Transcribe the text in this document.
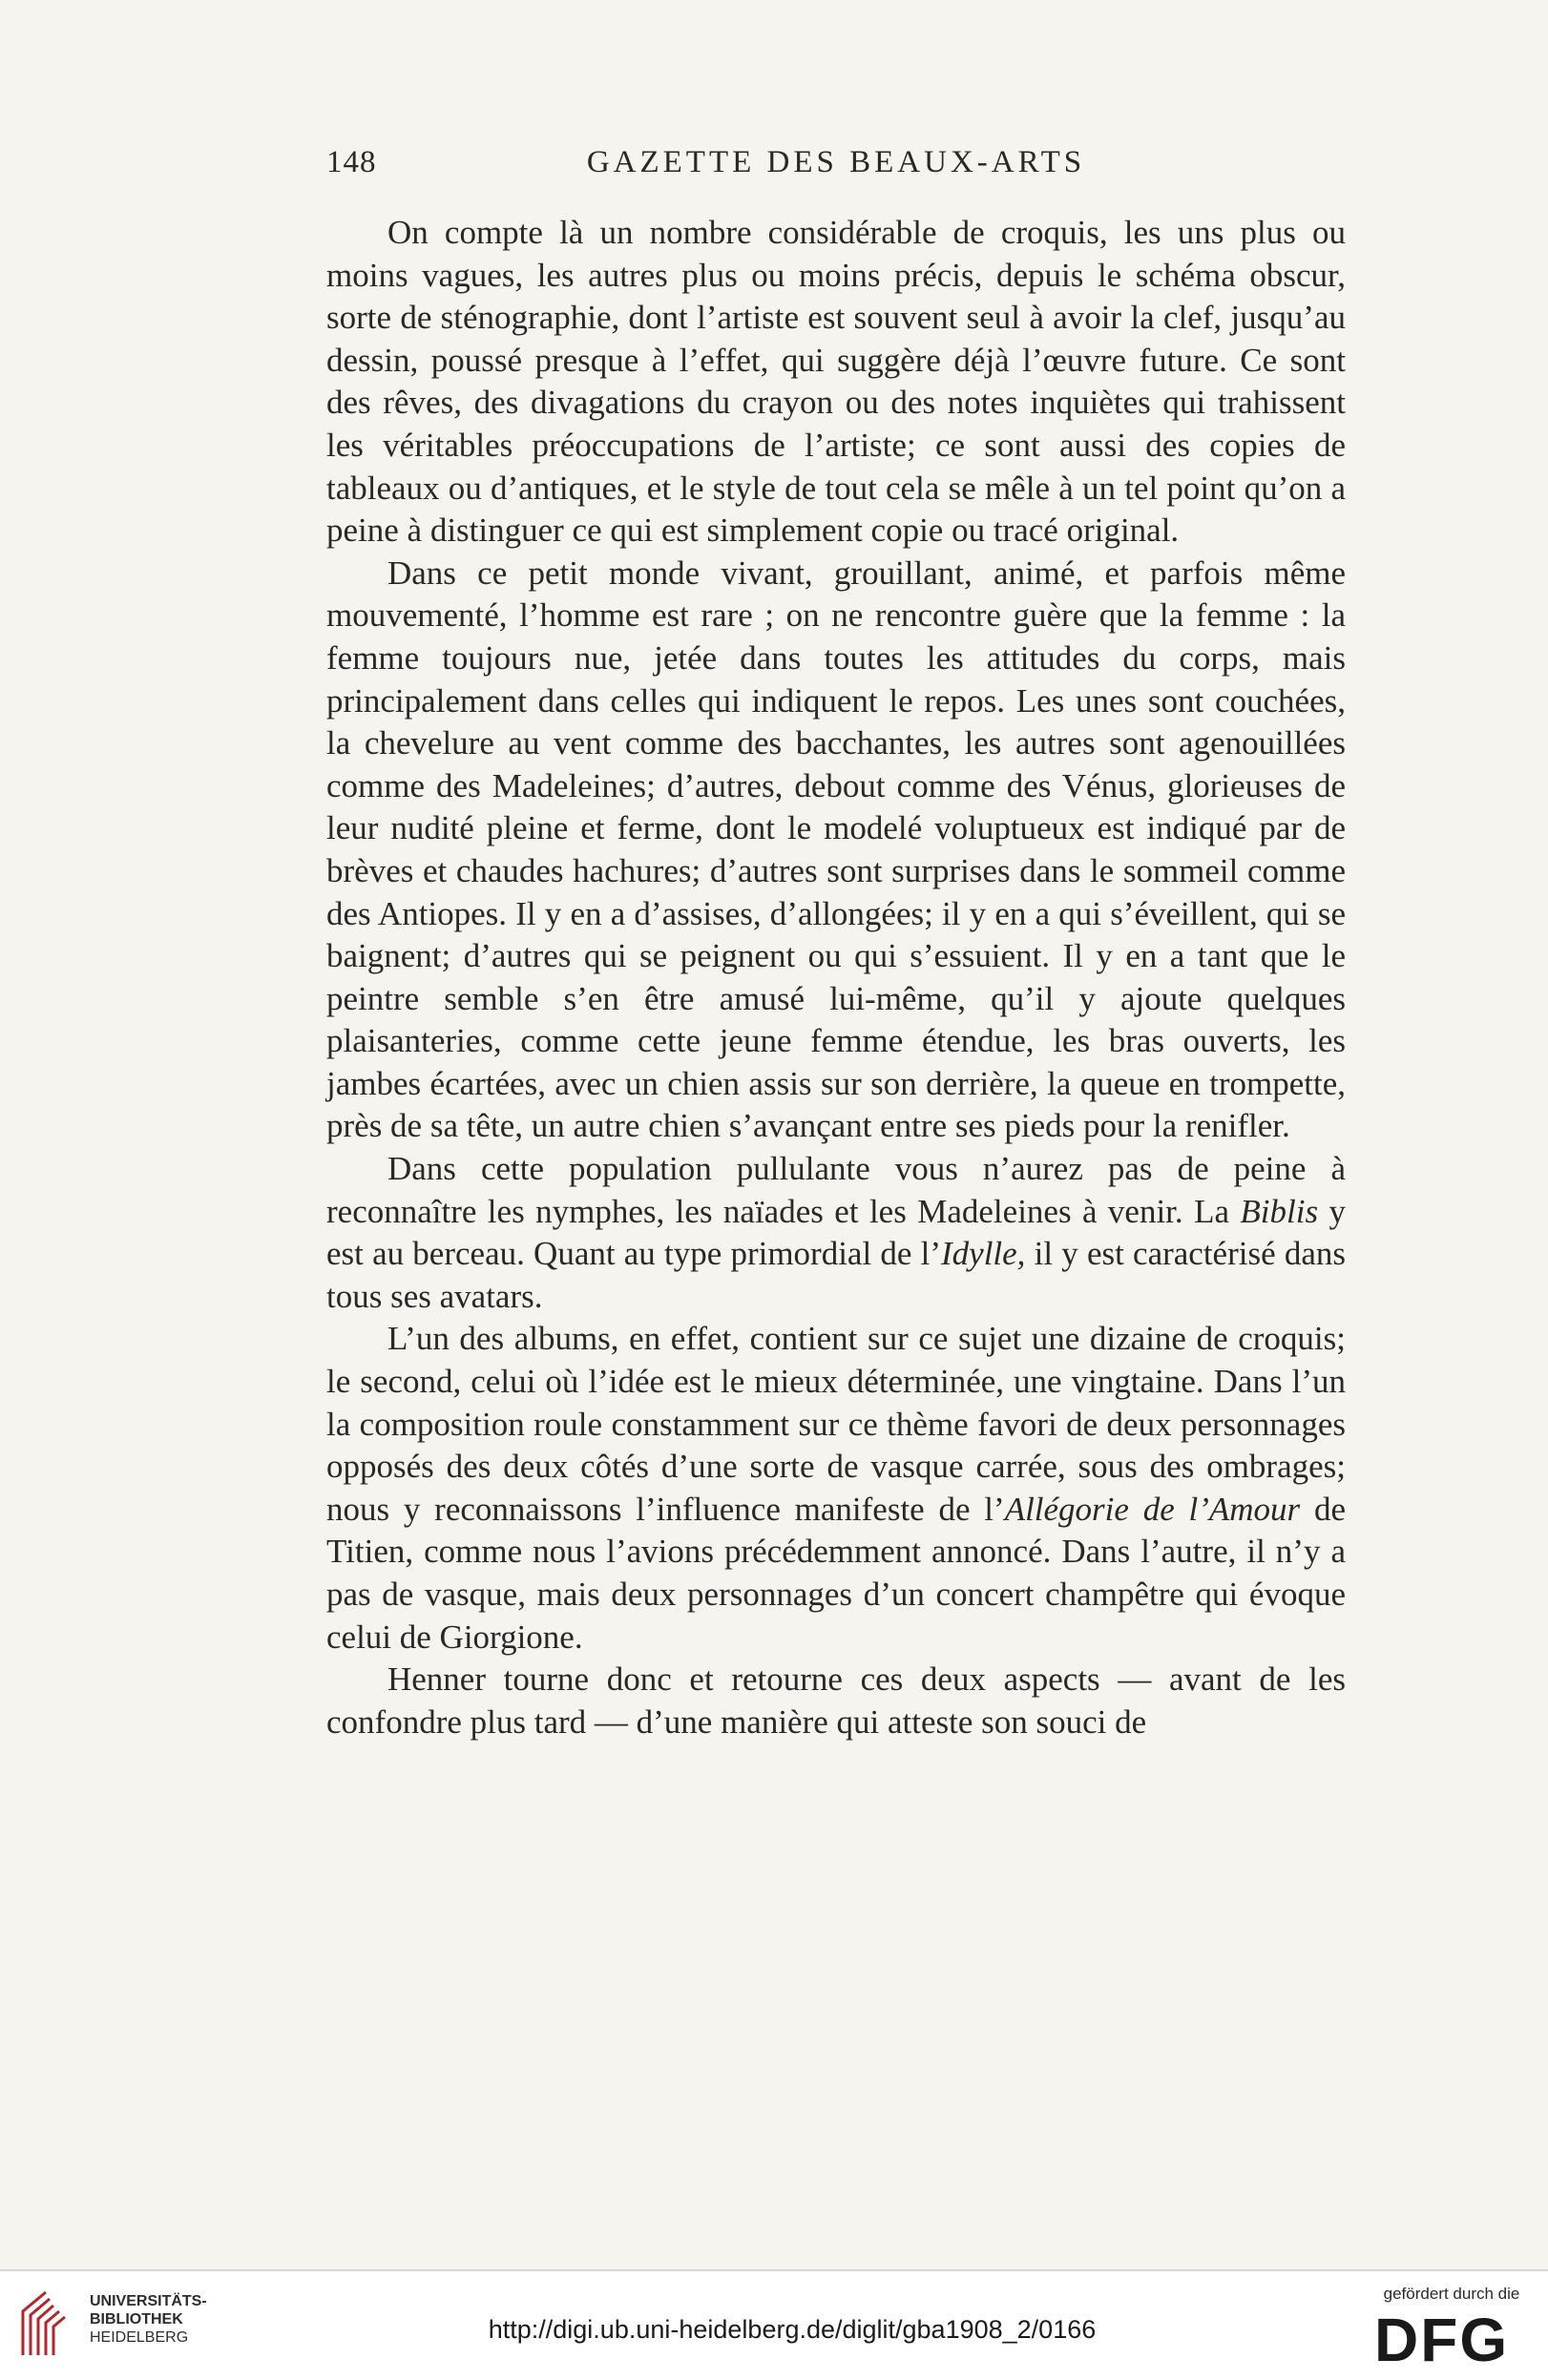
148	GAZETTE DES BEAUX-ARTS

On compte là un nombre considérable de croquis, les uns plus ou moins vagues, les autres plus ou moins précis, depuis le schéma obscur, sorte de sténographie, dont l’artiste est souvent seul à avoir la clef, jusqu’au dessin, poussé presque à l’effet, qui suggère déjà l’œuvre future. Ce sont des rêves, des divagations du crayon ou des notes inquiètes qui trahissent les véritables préoccupations de l’artiste; ce sont aussi des copies de tableaux ou d’antiques, et le style de tout cela se mêle à un tel point qu’on a peine à distinguer ce qui est simplement copie ou tracé original.

Dans ce petit monde vivant, grouillant, animé, et parfois même mouvementé, l’homme est rare ; on ne rencontre guère que la femme : la femme toujours nue, jetée dans toutes les attitudes du corps, mais principalement dans celles qui indiquent le repos. Les unes sont couchées, la chevelure au vent comme des bacchantes, les autres sont agenouillées comme des Madeleines; d’autres, debout comme des Vénus, glorieuses de leur nudité pleine et ferme, dont le modelé voluptueux est indiqué par de brèves et chaudes hachures; d’autres sont surprises dans le sommeil comme des Antiopes. Il y en a d’assises, d’allongées; il y en a qui s’éveillent, qui se baignent; d’autres qui se peignent ou qui s’essuient. Il y en a tant que le peintre semble s’en être amusé lui-même, qu’il y ajoute quelques plaisanteries, comme cette jeune femme étendue, les bras ouverts, les jambes écartées, avec un chien assis sur son derrière, la queue en trompette, près de sa tête, un autre chien s’avançant entre ses pieds pour la renifler.

Dans cette population pullulante vous n’aurez pas de peine à reconnaître les nymphes, les naïades et les Madeleines à venir. La Biblis y est au berceau. Quant au type primordial de l’Idylle, il y est caractérisé dans tous ses avatars.

L’un des albums, en effet, contient sur ce sujet une dizaine de croquis; le second, celui où l’idée est le mieux déterminée, une vingtaine. Dans l’un la composition roule constamment sur ce thème favori de deux personnages opposés des deux côtés d’une sorte de vasque carrée, sous des ombrages; nous y reconnaissons l’influence manifeste de l’Allégorie de l’Amour de Titien, comme nous l’avions précédemment annoncé. Dans l’autre, il n’y a pas de vasque, mais deux personnages d’un concert champêtre qui évoque celui de Giorgione.

Henner tourne donc et retourne ces deux aspects — avant de les confondre plus tard — d’une manière qui atteste son souci de

UNIVERSITÄTS-
BIBLIOTHEK
HEIDELBERG	http://digi.ub.uni-heidelberg.de/diglit/gba1908_2/0166
gefördert durch die
DFG
